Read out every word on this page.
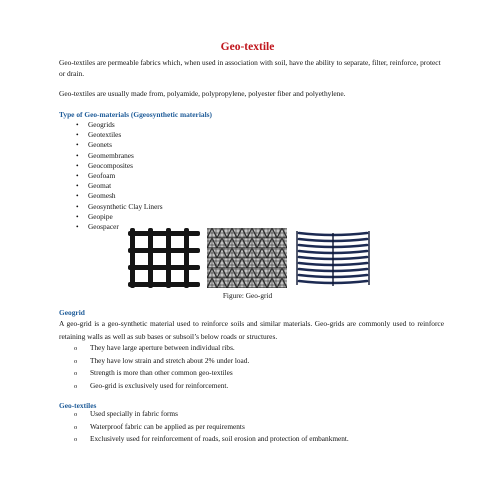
Geo-textile
Geo-textiles are permeable fabrics which, when used in association with soil, have the ability to separate, filter, reinforce, protect or drain.
Geo-textiles are usually made from, polyamide, polypropylene, polyester fiber and polyethylene.
Type of Geo-materials (Ggeosynthetic materials)
• Geogrids
• Geotextiles
• Geonets
• Geomembranes
• Geocomposites
• Geofoam
• Geomat
• Geomesh
• Geosynthetic Clay Liners
• Geopipe
• Geospacer
Figure: Geo-grid
Geogrid
A geo-grid is a geo-synthetic material used to reinforce soils and similar materials. Geo-grids are commonly used to reinforce retaining walls as well as sub bases or subsoil’s below roads or structures.
o They have large aperture between individual ribs.
o They have low strain and stretch about 2% under load.
o Strength is more than other common geo-textiles
o Geo-grid is exclusively used for reinforcement.
Geo-textiles
o Used specially in fabric forms
o Waterproof fabric can be applied as per requirements
o Exclusively used for reinforcement of roads, soil erosion and protection of embankment.
